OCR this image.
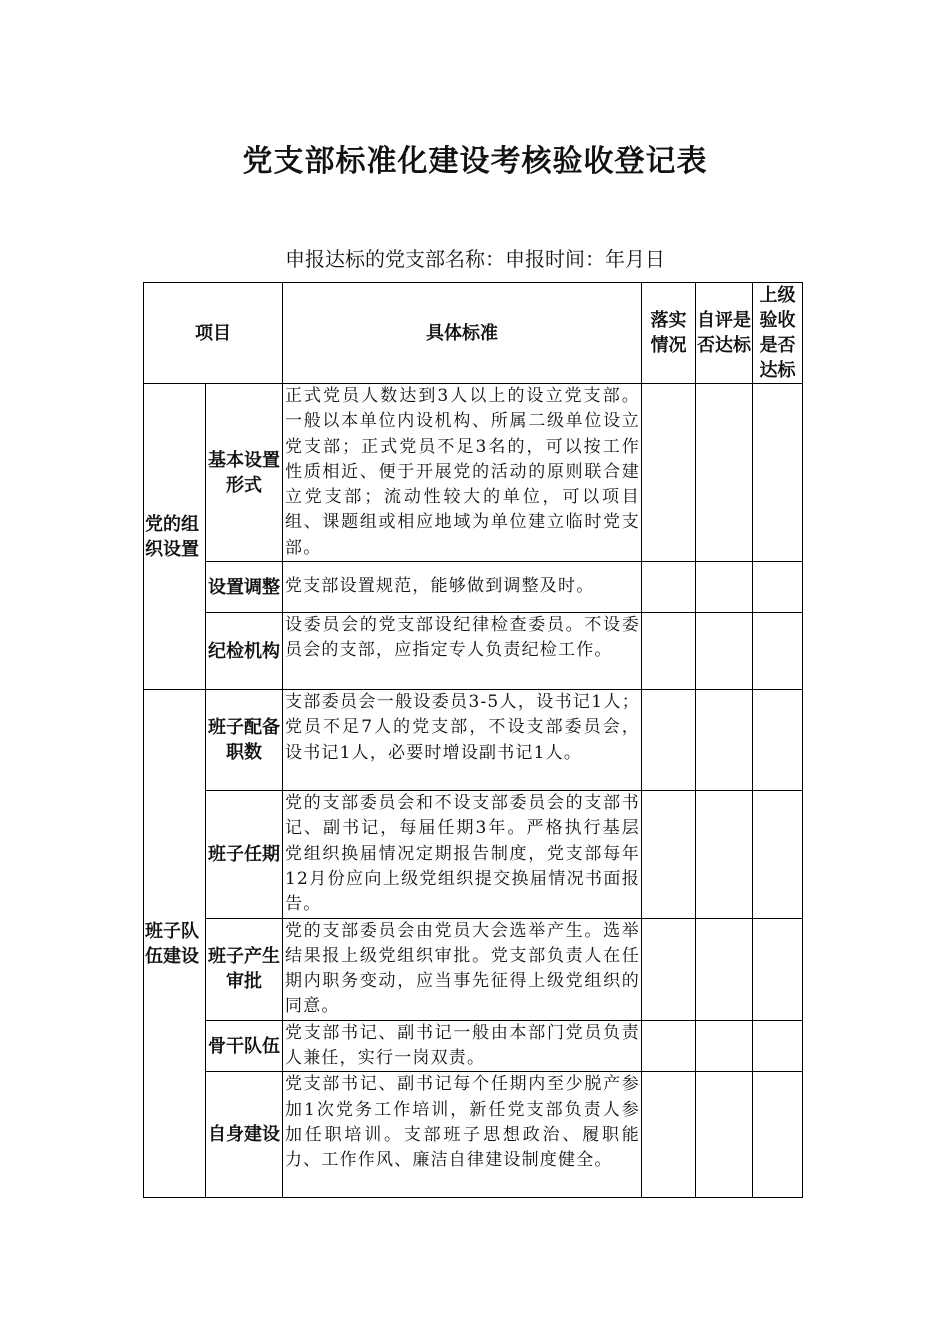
党支部标准化建设考核验收登记表
申报达标的党支部名称：申报时间：年月日
项目		具体标准	落实情况	自评是否达标	上级验收是否达标
党的组织设置	基本设置形式	正式党员人数达到3人以上的设立党支部。一般以本单位内设机构、所属二级单位设立党支部；正式党员不足3名的，可以按工作性质相近、便于开展党的活动的原则联合建立党支部；流动性较大的单位，可以项目组、课题组或相应地域为单位建立临时党支部。			
	设置调整	党支部设置规范，能够做到调整及时。			
	纪检机构	设委员会的党支部设纪律检查委员。不设委员会的支部，应指定专人负责纪检工作。			
班子队伍建设	班子配备职数	支部委员会一般设委员3-5人，设书记1人；党员不足7人的党支部，不设支部委员会，设书记1人，必要时增设副书记1人。			
	班子任期	党的支部委员会和不设支部委员会的支部书记、副书记，每届任期3年。严格执行基层党组织换届情况定期报告制度，党支部每年12月份应向上级党组织提交换届情况书面报告。			
	班子产生审批	党的支部委员会由党员大会选举产生。选举结果报上级党组织审批。党支部负责人在任期内职务变动，应当事先征得上级党组织的同意。			
	骨干队伍	党支部书记、副书记一般由本部门党员负责人兼任，实行一岗双责。			
	自身建设	党支部书记、副书记每个任期内至少脱产参加1次党务工作培训，新任党支部负责人参加任职培训。支部班子思想政治、履职能力、工作作风、廉洁自律建设制度健全。			
